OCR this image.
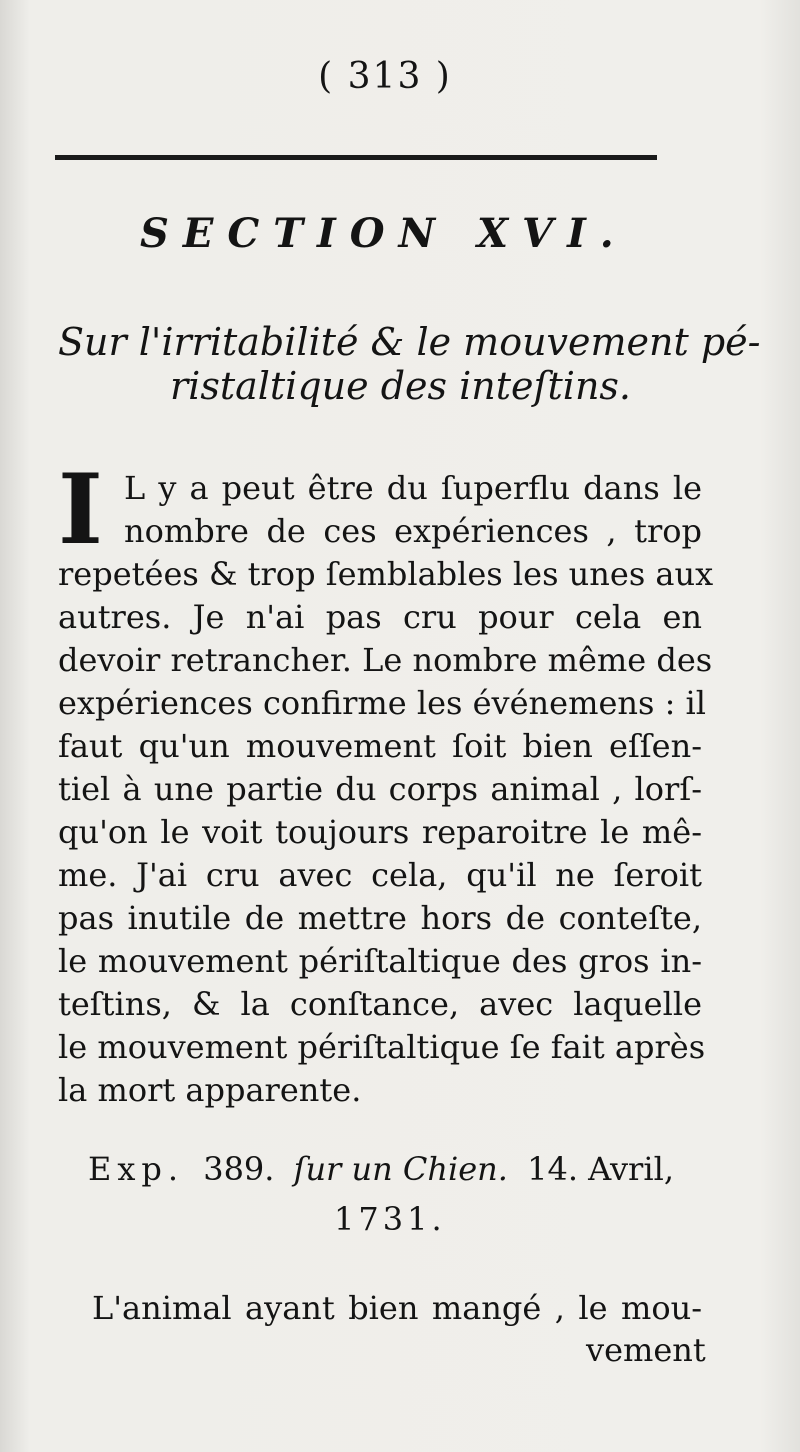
( 313 )
SECTION XVI.
Sur l'irritabilité & le mouvement pé-
ristaltique des inteſtins.
I L y a peut être du ſuperflu dans le
nombre de ces expériences , trop
repetées & trop ſemblables les unes aux
autres. Je n'ai pas cru pour cela en
devoir retrancher. Le nombre même des
expériences confirme les événemens : il
faut qu'un mouvement ſoit bien eſſen-
tiel à une partie du corps animal , lorſ-
qu'on le voit toujours reparoitre le mê-
me. J'ai cru avec cela, qu'il ne ſeroit
pas inutile de mettre hors de conteſte,
le mouvement périſtaltique des gros in-
teſtins, & la conſtance, avec laquelle
le mouvement périſtaltique ſe fait après
la mort apparente.
Exp. 389. ſur un Chien. 14. Avril,
1731.
L'animal ayant bien mangé , le mou-
vement
